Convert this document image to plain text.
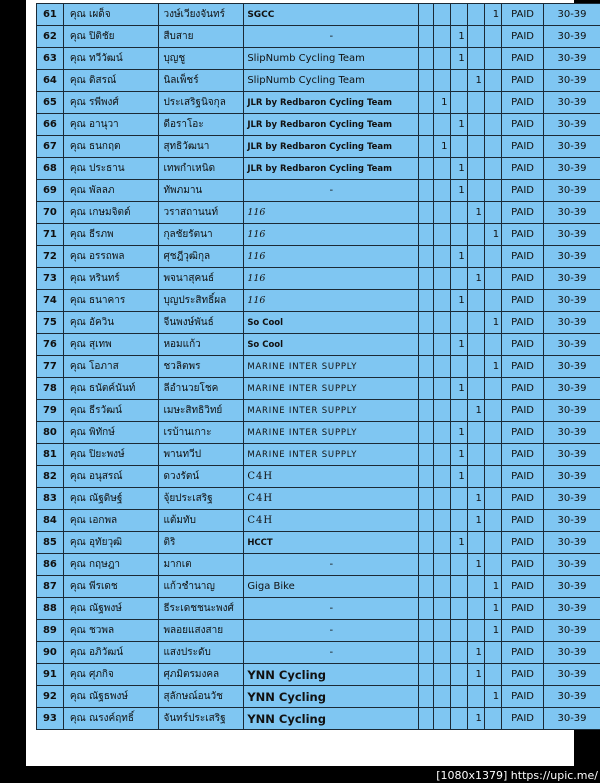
61	คุณ เผด็จ	วงษ์เวียงจันทร์	SGCC					1	PAID	30-39
62	คุณ ปิติชัย	สืบสาย	-			1			PAID	30-39
63	คุณ ทวีวัฒน์	บุญชู	SlipNumb Cycling Team			1			PAID	30-39
64	คุณ ดิสรณ์	นิลเพ็ชร์	SlipNumb Cycling Team				1		PAID	30-39
65	คุณ รพีพงศ์	ประเสริฐนิจกุล	JLR by Redbaron Cycling Team		1				PAID	30-39
66	คุณ อานุวา	ดีอราโอะ	JLR by Redbaron Cycling Team			1			PAID	30-39
67	คุณ ธนกฤต	สุทธิวัฒนา	JLR by Redbaron Cycling Team		1				PAID	30-39
68	คุณ ประธาน	เทพกำเหนิด	JLR by Redbaron Cycling Team			1			PAID	30-39
69	คุณ พัลลภ	ทัพภมาน	-			1			PAID	30-39
70	คุณ เกษมจิตต์	วราสถานนท์	116				1		PAID	30-39
71	คุณ ธีรภพ	กุลชัยรัตนา	116					1	PAID	30-39
72	คุณ อรรถพล	ศุชฎีวุฒิกุล	116			1			PAID	30-39
73	คุณ หรินทร์	พจนาสุคนธ์	116				1		PAID	30-39
74	คุณ ธนาคาร	บุญประสิทธิ์ผล	116			1			PAID	30-39
75	คุณ อัควิน	จีนพงษ์พันธ์	So Cool					1	PAID	30-39
76	คุณ สุเทพ	หอมแก้ว	So Cool			1			PAID	30-39
77	คุณ โอภาส	ชวลิตพร	MARINE INTER SUPPLY					1	PAID	30-39
78	คุณ ธนัตค์นันท์	ลีอำนวยโชค	MARINE INTER SUPPLY			1			PAID	30-39
79	คุณ ธีรวัฒน์	เมษะสิทธิวิทย์	MARINE INTER SUPPLY				1		PAID	30-39
80	คุณ พิทักษ์	เรบ้านเกาะ	MARINE INTER SUPPLY			1			PAID	30-39
81	คุณ ปิยะพงษ์	พานทวีป	MARINE INTER SUPPLY			1			PAID	30-39
82	คุณ อนุสรณ์	ดวงรัตน์	C4H			1			PAID	30-39
83	คุณ ณัฐดิษฐ์	จุ้ยประเสริฐ	C4H				1		PAID	30-39
84	คุณ เอกพล	แต้มทับ	C4H				1		PAID	30-39
85	คุณ อุทัยวุฒิ	ติริ	HCCT			1			PAID	30-39
86	คุณ กฤษฎา	มากเต	-				1		PAID	30-39
87	คุณ พีรเดช	แก้วชำนาญ	Giga Bike					1	PAID	30-39
88	คุณ ณัฐพงษ์	ธีระเดชชนะพงศ์	-					1	PAID	30-39
89	คุณ ชวพล	พลอยแสงสาย	-					1	PAID	30-39
90	คุณ อภิวัฒน์	แสงประดับ	-				1		PAID	30-39
91	คุณ ศุภกิจ	ศุภมิตรมงคล	YNN Cycling				1		PAID	30-39
92	คุณ ณัฐธพงษ์	สุลักษณ์อนวัช	YNN Cycling					1	PAID	30-39
93	คุณ ณรงค์ฤทธิ์	จันทร์ประเสริฐ	YNN Cycling				1		PAID	30-39
[1080x1379] https://upic.me/
